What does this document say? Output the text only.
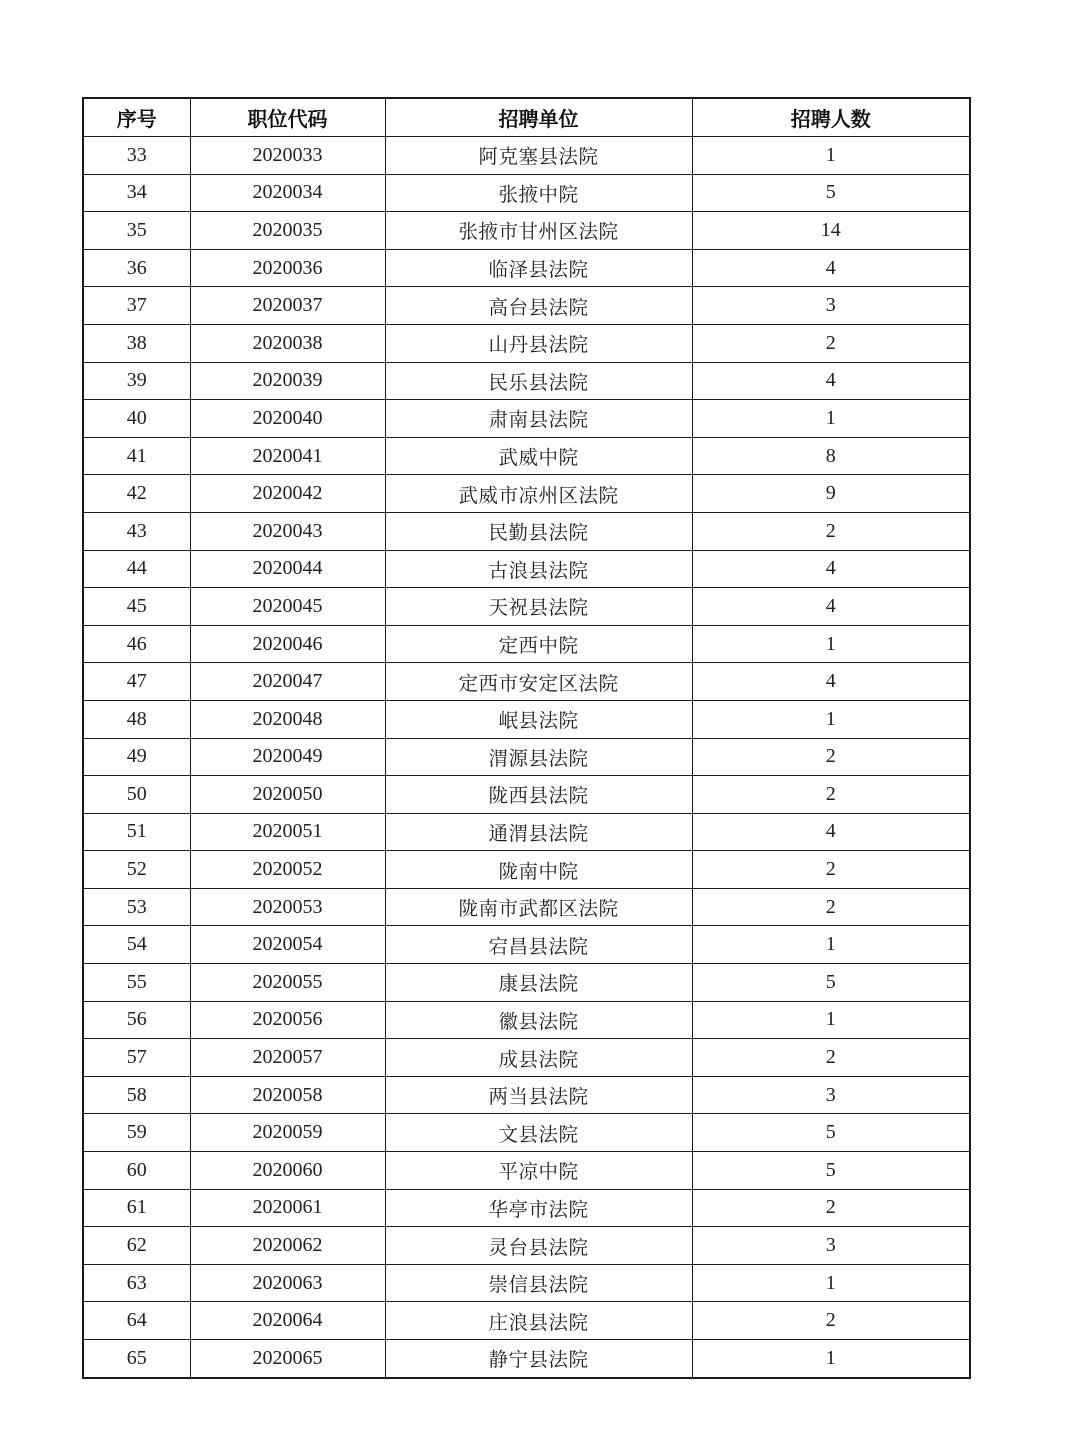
序号	职位代码	招聘单位	招聘人数
33	2020033	阿克塞县法院	1
34	2020034	张掖中院	5
35	2020035	张掖市甘州区法院	14
36	2020036	临泽县法院	4
37	2020037	高台县法院	3
38	2020038	山丹县法院	2
39	2020039	民乐县法院	4
40	2020040	肃南县法院	1
41	2020041	武威中院	8
42	2020042	武威市凉州区法院	9
43	2020043	民勤县法院	2
44	2020044	古浪县法院	4
45	2020045	天祝县法院	4
46	2020046	定西中院	1
47	2020047	定西市安定区法院	4
48	2020048	岷县法院	1
49	2020049	渭源县法院	2
50	2020050	陇西县法院	2
51	2020051	通渭县法院	4
52	2020052	陇南中院	2
53	2020053	陇南市武都区法院	2
54	2020054	宕昌县法院	1
55	2020055	康县法院	5
56	2020056	徽县法院	1
57	2020057	成县法院	2
58	2020058	两当县法院	3
59	2020059	文县法院	5
60	2020060	平凉中院	5
61	2020061	华亭市法院	2
62	2020062	灵台县法院	3
63	2020063	崇信县法院	1
64	2020064	庄浪县法院	2
65	2020065	静宁县法院	1
